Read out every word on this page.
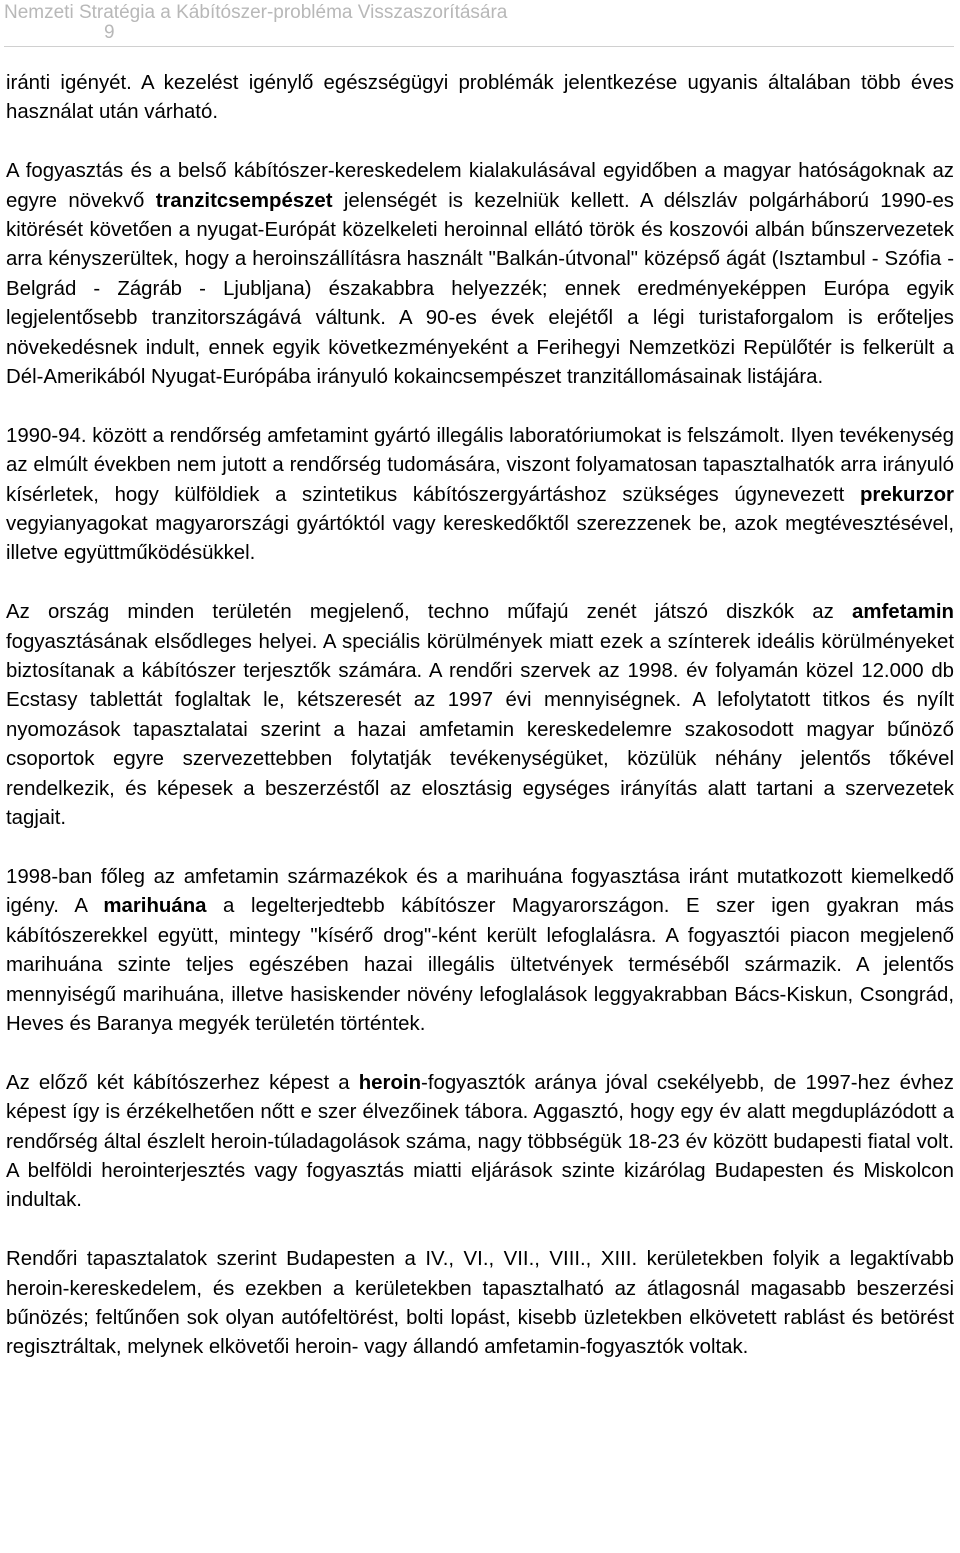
Nemzeti Stratégia a Kábítószer-probléma Visszaszorítására
9

iránti igényét. A kezelést igénylő egészségügyi problémák jelentkezése ugyanis általában több éves használat után várható.

A fogyasztás és a belső kábítószer-kereskedelem kialakulásával egyidőben a magyar hatóságoknak az egyre növekvő tranzitcsempészet jelenségét is kezelniük kellett. A délszláv polgárháború 1990-es kitörését követően a nyugat-Európát közelkeleti heroinnal ellátó török és koszovói albán bűnszervezetek arra kényszerültek, hogy a heroinszállításra használt "Balkán-útvonal" középső ágát (Isztambul - Szófia - Belgrád - Zágráb - Ljubljana) északabbra helyezzék; ennek eredményeképpen Európa egyik legjelentősebb tranzitországává váltunk. A 90-es évek elejétől a légi turistaforgalom is erőteljes növekedésnek indult, ennek egyik következményeként a Ferihegyi Nemzetközi Repülőtér is felkerült a Dél-Amerikából Nyugat-Európába irányuló kokaincsempészet tranzitállomásainak listájára.

1990-94. között a rendőrség amfetamint gyártó illegális laboratóriumokat is felszámolt. Ilyen tevékenység az elmúlt években nem jutott a rendőrség tudomására, viszont folyamatosan tapasztalhatók arra irányuló kísérletek, hogy külföldiek a szintetikus kábítószergyártáshoz szükséges úgynevezett prekurzor vegyianyagokat magyarországi gyártóktól vagy kereskedőktől szerezzenek be, azok megtévesztésével, illetve együttműködésükkel.

Az ország minden területén megjelenő, techno műfajú zenét játszó diszkók az amfetamin fogyasztásának elsődleges helyei. A speciális körülmények miatt ezek a színterek ideális körülményeket biztosítanak a kábítószer terjesztők számára. A rendőri szervek az 1998. év folyamán közel 12.000 db Ecstasy tablettát foglaltak le, kétszeresét az 1997 évi mennyiségnek. A lefolytatott titkos és nyílt nyomozások tapasztalatai szerint a hazai amfetamin kereskedelemre szakosodott magyar bűnöző csoportok egyre szervezettebben folytatják tevékenységüket, közülük néhány jelentős tőkével rendelkezik, és képesek a beszerzéstől az elosztásig egységes irányítás alatt tartani a szervezetek tagjait.

1998-ban főleg az amfetamin származékok és a marihuána fogyasztása iránt mutatkozott kiemelkedő igény. A marihuána a legelterjedtebb kábítószer Magyarországon. E szer igen gyakran más kábítószerekkel együtt, mintegy "kísérő drog"-ként került lefoglalásra. A fogyasztói piacon megjelenő marihuána szinte teljes egészében hazai illegális ültetvények terméséből származik. A jelentős mennyiségű marihuána, illetve hasiskender növény lefoglalások leggyakrabban Bács-Kiskun, Csongrád, Heves és Baranya megyék területén történtek.

Az előző két kábítószerhez képest a heroin-fogyasztók aránya jóval csekélyebb, de 1997-hez évhez képest így is érzékelhetően nőtt e szer élvezőinek tábora. Aggasztó, hogy egy év alatt megduplázódott a rendőrség által észlelt heroin-túladagolások száma, nagy többségük 18-23 év között budapesti fiatal volt. A belföldi herointerjesztés vagy fogyasztás miatti eljárások szinte kizárólag Budapesten és Miskolcon indultak.

Rendőri tapasztalatok szerint Budapesten a IV., VI., VII., VIII., XIII. kerületekben folyik a legaktívabb heroin-kereskedelem, és ezekben a kerületekben tapasztalható az átlagosnál magasabb beszerzési bűnözés; feltűnően sok olyan autófeltörést, bolti lopást, kisebb üzletekben elkövetett rablást és betörést regisztráltak, melynek elkövetői heroin- vagy állandó amfetamin-fogyasztók voltak.
